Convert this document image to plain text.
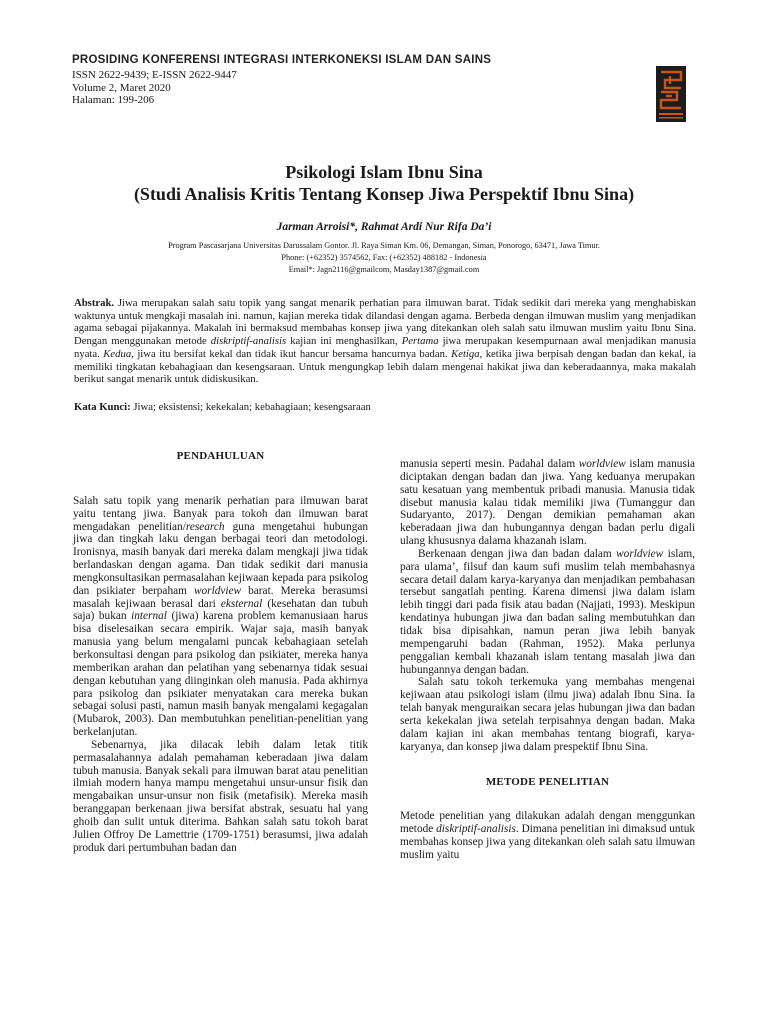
PROSIDING KONFERENSI INTEGRASI INTERKONEKSI ISLAM DAN SAINS
ISSN 2622-9439; E-ISSN 2622-9447
Volume 2, Maret 2020
Halaman: 199-206
Psikologi Islam Ibnu Sina
(Studi Analisis Kritis Tentang Konsep Jiwa Perspektif Ibnu Sina)
Jarman Arroisi*, Rahmat Ardi Nur Rifa Da’i
Program Pascasarjana Universitas Darussalam Gontor. Jl. Raya Siman Km. 06, Demangan, Siman, Ponorogo, 63471, Jawa Timur.
Phone: (+62352) 3574562, Fax: (+62352) 488182 - Indonesia
Email*: Jagn2116@gmailcom, Masday1387@gmail.com
Abstrak. Jiwa merupakan salah satu topik yang sangat menarik perhatian para ilmuwan barat. Tidak sedikit dari mereka yang menghabiskan waktunya untuk mengkaji masalah ini. namun, kajian mereka tidak dilandasi dengan agama. Berbeda dengan ilmuwan muslim yang menjadikan agama sebagai pijakannya. Makalah ini bermaksud membahas konsep jiwa yang ditekankan oleh salah satu ilmuwan muslim yaitu Ibnu Sina. Dengan menggunakan metode diskriptif-analisis kajian ini menghasilkan, Pertama jiwa merupakan kesempurnaan awal menjadikan manusia nyata. Kedua, jiwa itu bersifat kekal dan tidak ikut hancur bersama hancurnya badan. Ketiga, ketika jiwa berpisah dengan badan dan kekal, ia memiliki tingkatan kebahagiaan dan kesengsaraan. Untuk mengungkap lebih dalam mengenai hakikat jiwa dan keberadaannya, maka makalah berikut sangat menarik untuk didiskusikan.
Kata Kunci: Jiwa; eksistensi; kekekalan; kebahagiaan; kesengsaraan
PENDAHULUAN

Salah satu topik yang menarik perhatian para ilmuwan barat yaitu tentang jiwa. Banyak para tokoh dan ilmuwan barat mengadakan penelitian/research guna mengetahui hubungan jiwa dan tingkah laku dengan berbagai teori dan metodologi. Ironisnya, masih banyak dari mereka dalam mengkaji jiwa tidak berlandaskan dengan agama. Dan tidak sedikit dari manusia mengkonsultasikan permasalahan kejiwaan kepada para psikolog dan psikiater berpaham worldview barat. Mereka berasumsi masalah kejiwaan berasal dari eksternal (kesehatan dan tubuh saja) bukan internal (jiwa) karena problem kemanusiaan harus bisa diselesaikan secara empirik. Wajar saja, masih banyak manusia yang belum mengalami puncak kebahagiaan setelah berkonsultasi dengan para psikolog dan psikiater, mereka hanya memberikan arahan dan pelatihan yang sebenarnya tidak sesuai dengan kebutuhan yang diinginkan oleh manusia. Pada akhirnya para psikolog dan psikiater menyatakan cara mereka bukan sebagai solusi pasti, namun masih banyak mengalami kegagalan (Mubarok, 2003). Dan membutuhkan penelitian-penelitian yang berkelanjutan.

Sebenarnya, jika dilacak lebih dalam letak titik permasalahannya adalah pemahaman keberadaan jiwa dalam tubuh manusia. Banyak sekali para ilmuwan barat atau penelitian ilmiah modern hanya mampu mengetahui unsur-unsur fisik dan mengabaikan unsur-unsur non fisik (metafisik). Mereka masih beranggapan berkenaan jiwa bersifat abstrak, sesuatu hal yang ghoib dan sulit untuk diterima. Bahkan salah satu tokoh barat Julien Offroy De Lamettrie (1709-1751) berasumsi, jiwa adalah produk dari pertumbuhan badan dan

manusia seperti mesin. Padahal dalam worldview islam manusia diciptakan dengan badan dan jiwa. Yang keduanya merupakan satu kesatuan yang membentuk pribadi manusia. Manusia tidak disebut manusia kalau tidak memiliki jiwa (Tumanggur dan Sudaryanto, 2017). Dengan demikian pemahaman akan keberadaan jiwa dan hubungannya dengan badan perlu digali ulang khususnya dalama khazanah islam.

Berkenaan dengan jiwa dan badan dalam worldview islam, para ulama’, filsuf dan kaum sufi muslim telah membahasnya secara detail dalam karya-karyanya dan menjadikan pembahasan tersebut sangatlah penting. Karena dimensi jiwa dalam islam lebih tinggi dari pada fisik atau badan (Najjati, 1993). Meskipun kendatinya hubungan jiwa dan badan saling membutuhkan dan tidak bisa dipisahkan, namun peran jiwa lebih banyak mempengaruhi badan (Rahman, 1952). Maka perlunya penggalian kembali khazanah islam tentang masalah jiwa dan hubungannya dengan badan.

Salah satu tokoh terkemuka yang membahas mengenai kejiwaan atau psikologi islam (ilmu jiwa) adalah Ibnu Sina. Ia telah banyak menguraikan secara jelas hubungan jiwa dan badan serta kekekalan jiwa setelah terpisahnya dengan badan. Maka dalam kajian ini akan membahas tentang biografi, karya-karyanya, dan konsep jiwa dalam prespektif Ibnu Sina.

METODE PENELITIAN

Metode penelitian yang dilakukan adalah dengan menggunkan metode diskriptif-analisis. Dimana penelitian ini dimaksud untuk membahas konsep jiwa yang ditekankan oleh salah satu ilmuwan muslim yaitu
